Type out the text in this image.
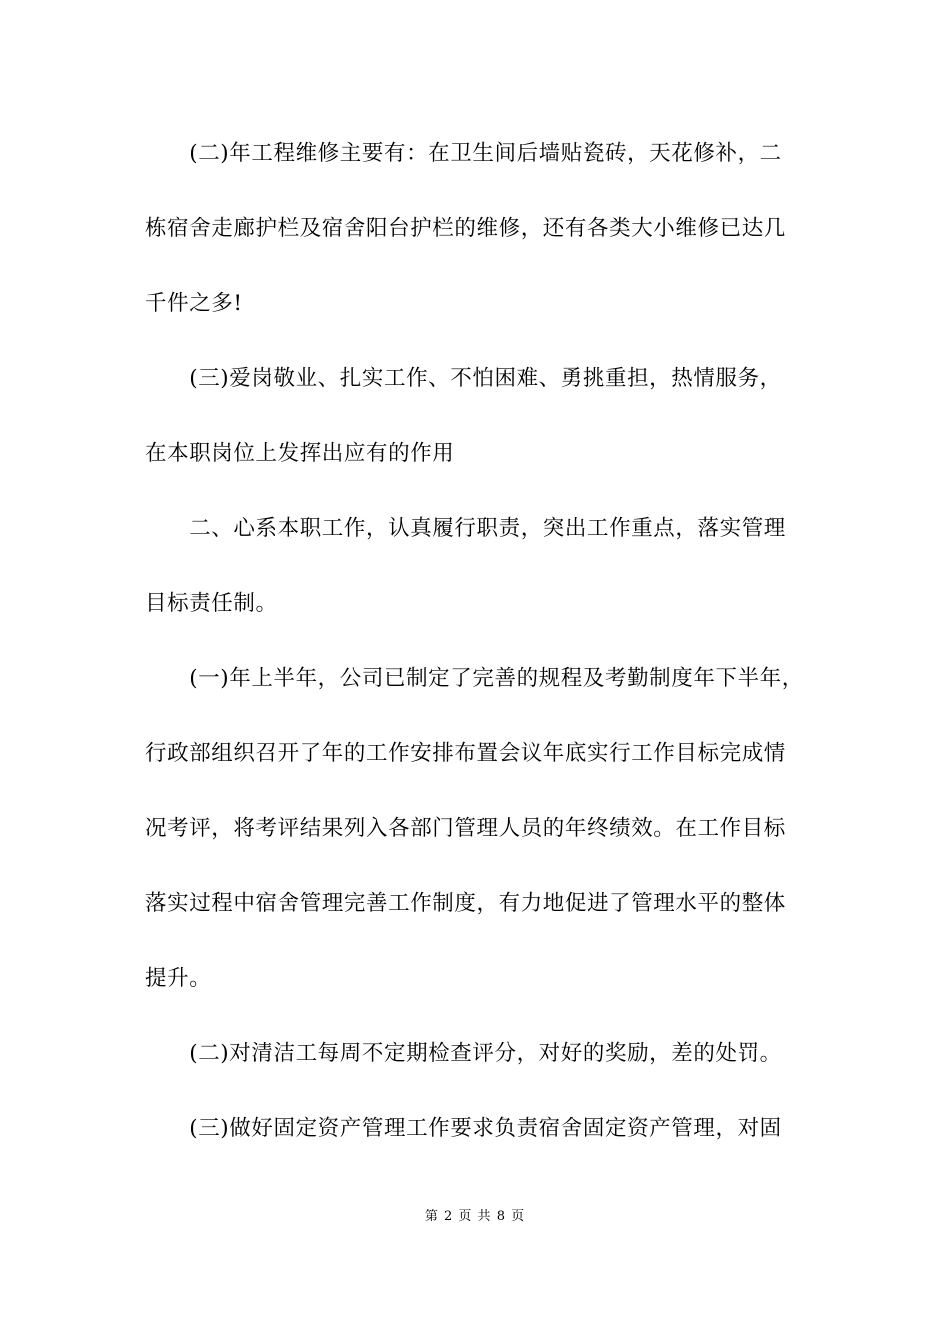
　　(二)年工程维修主要有：在卫生间后墙贴瓷砖，天花修补，二
栋宿舍走廊护栏及宿舍阳台护栏的维修，还有各类大小维修已达几
千件之多!
　　(三)爱岗敬业、扎实工作、不怕困难、勇挑重担，热情服务，
在本职岗位上发挥出应有的作用
　　二、心系本职工作，认真履行职责，突出工作重点，落实管理
目标责任制。
　　(一)年上半年，公司已制定了完善的规程及考勤制度年下半年，
行政部组织召开了年的工作安排布置会议年底实行工作目标完成情
况考评，将考评结果列入各部门管理人员的年终绩效。在工作目标
落实过程中宿舍管理完善工作制度，有力地促进了管理水平的整体
提升。
　　(二)对清洁工每周不定期检查评分，对好的奖励，差的处罚。
　　(三)做好固定资产管理工作要求负责宿舍固定资产管理，对固
第 2 页 共 8 页
